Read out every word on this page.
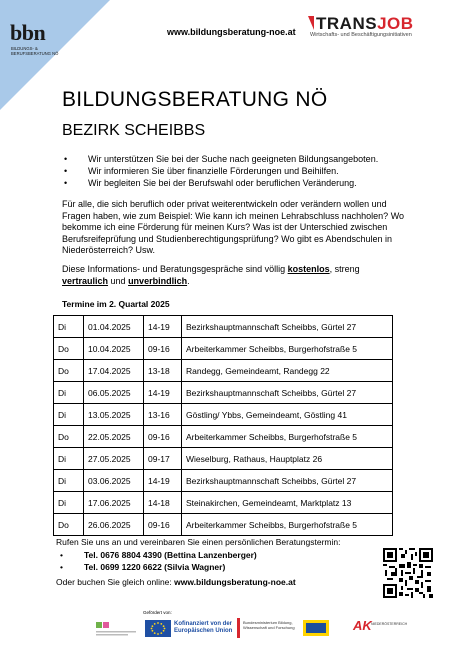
bbn
BILDUNGS- & BERUFSBERATUNG NÖ
www.bildungsberatung-noe.at	TRANSJOB
Wirtschafts- und Beschäftigungsinitiativen
BILDUNGSBERATUNG NÖ
BEZIRK SCHEIBBS
• Wir unterstützen Sie bei der Suche nach geeigneten Bildungsangeboten.
• Wir informieren Sie über finanzielle Förderungen und Beihilfen.
• Wir begleiten Sie bei der Berufswahl oder beruflichen Veränderung.

Für alle, die sich beruflich oder privat weiterentwickeln oder verändern wollen und Fragen haben, wie zum Beispiel: Wie kann ich meinen Lehrabschluss nachholen? Wo bekomme ich eine Förderung für meinen Kurs? Was ist der Unterschied zwischen Berufsreifeprüfung und Studienberechtigungsprüfung? Wo gibt es Abendschulen in Niederösterreich? Usw.

Diese Informations- und Beratungsgespräche sind völlig kostenlos, streng
vertraulich und unverbindlich.

Termine im 2. Quartal 2025
Di	01.04.2025	14-19	Bezirkshauptmannschaft Scheibbs, Gürtel 27
Do	10.04.2025	09-16	Arbeiterkammer Scheibbs, Burgerhofstraße 5
Do	17.04.2025	13-18	Randegg, Gemeindeamt, Randegg 22
Di	06.05.2025	14-19	Bezirkshauptmannschaft Scheibbs, Gürtel 27
Di	13.05.2025	13-16	Göstling/ Ybbs, Gemeindeamt, Göstling 41
Do	22.05.2025	09-16	Arbeiterkammer Scheibbs, Burgerhofstraße 5
Di	27.05.2025	09-17	Wieselburg, Rathaus, Hauptplatz 26
Di	03.06.2025	14-19	Bezirkshauptmannschaft Scheibbs, Gürtel 27
Di	17.06.2025	14-18	Steinakirchen, Gemeindeamt, Marktplatz 13
Do	26.06.2025	09-16	Arbeiterkammer Scheibbs, Burgerhofstraße 5
Rufen Sie uns an und vereinbaren Sie einen persönlichen Beratungstermin:
• Tel. 0676 8804 4390 (Bettina Lanzenberger)
• Tel. 0699 1220 6622 (Silvia Wagner)
Oder buchen Sie gleich online: www.bildungsberatung-noe.at
Gefördert von:
Kofinanziert von der
Europäischen Union
Bundesministerium Bildung, Wissenschaft und Forschung	AK NIEDERÖSTERREICH
